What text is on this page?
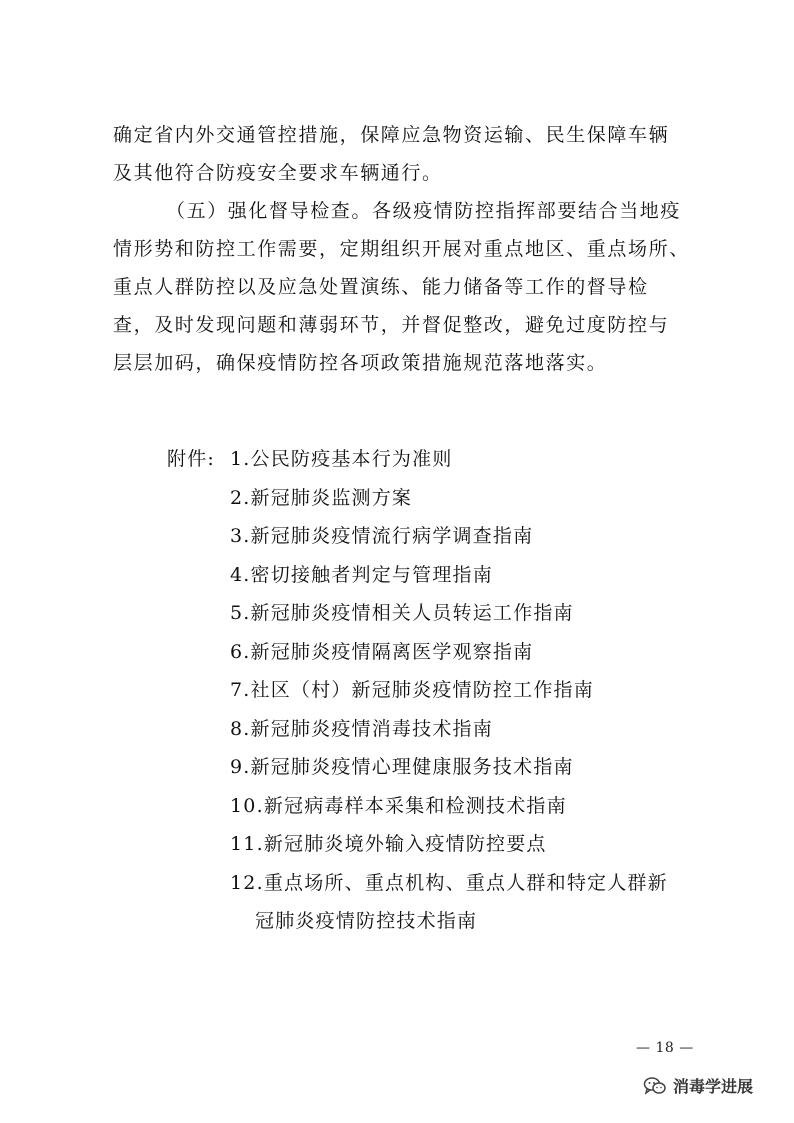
确定省内外交通管控措施，保障应急物资运输、民生保障车辆
及其他符合防疫安全要求车辆通行。
（五）强化督导检查。各级疫情防控指挥部要结合当地疫
情形势和防控工作需要，定期组织开展对重点地区、重点场所、
重点人群防控以及应急处置演练、能力储备等工作的督导检
查，及时发现问题和薄弱环节，并督促整改，避免过度防控与
层层加码，确保疫情防控各项政策措施规范落地落实。
附件: 1. 公民防疫基本行为准则
2. 新冠肺炎监测方案
3. 新冠肺炎疫情流行病学调查指南
4. 密切接触者判定与管理指南
5. 新冠肺炎疫情相关人员转运工作指南
6. 新冠肺炎疫情隔离医学观察指南
7. 社区（村）新冠肺炎疫情防控工作指南
8. 新冠肺炎疫情消毒技术指南
9. 新冠肺炎疫情心理健康服务技术指南
10. 新冠病毒样本采集和检测技术指南
11. 新冠肺炎境外输入疫情防控要点
12. 重点场所、重点机构、重点人群和特定人群新
冠肺炎疫情防控技术指南
— 18 —
消毒学进展
